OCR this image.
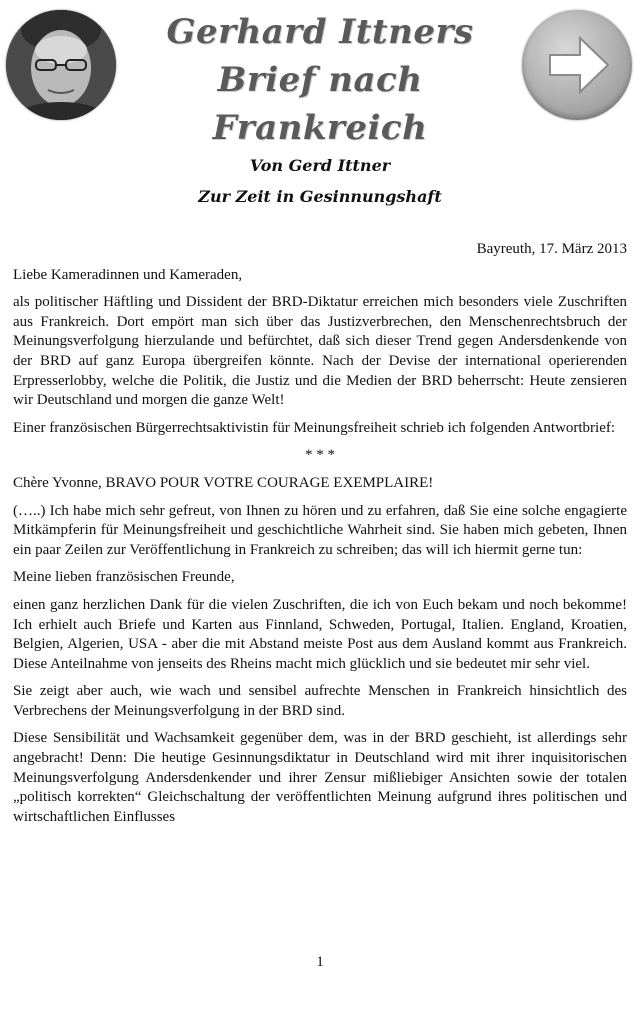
Gerhard Ittners
Brief nach Frankreich
Von Gerd Ittner
Zur Zeit in Gesinnungshaft

Bayreuth, 17. März 2013

Liebe Kameradinnen und Kameraden,

als politischer Häftling und Dissident der BRD-Diktatur erreichen mich besonders viele Zuschriften aus Frankreich. Dort empört man sich über das Justizverbrechen, den Menschenrechtsbruch der Meinungsverfolgung hierzulande und befürchtet, daß sich dieser Trend gegen Andersdenkende von der BRD auf ganz Europa übergreifen könnte. Nach der Devise der international operierenden Erpresserlobby, welche die Politik, die Justiz und die Medien der BRD beherrscht: Heute zensieren wir Deutschland und morgen die ganze Welt!

Einer französischen Bürgerrechtsaktivistin für Meinungsfreiheit schrieb ich folgenden Antwortbrief:

* * *

Chère Yvonne, BRAVO POUR VOTRE COURAGE EXEMPLAIRE!

(…..) Ich habe mich sehr gefreut, von Ihnen zu hören und zu erfahren, daß Sie eine solche engagierte Mitkämpferin für Meinungsfreiheit und geschichtliche Wahrheit sind. Sie haben mich gebeten, Ihnen ein paar Zeilen zur Veröffentlichung in Frankreich zu schreiben; das will ich hiermit gerne tun:

Meine lieben französischen Freunde,

einen ganz herzlichen Dank für die vielen Zuschriften, die ich von Euch bekam und noch bekomme! Ich erhielt auch Briefe und Karten aus Finnland, Schweden, Portugal, Italien. England, Kroatien, Belgien, Algerien, USA - aber die mit Abstand meiste Post aus dem Ausland kommt aus Frankreich. Diese Anteilnahme von jenseits des Rheins macht mich glücklich und sie bedeutet mir sehr viel.

Sie zeigt aber auch, wie wach und sensibel aufrechte Menschen in Frankreich hinsichtlich des Verbrechens der Meinungsverfolgung in der BRD sind.

Diese Sensibilität und Wachsamkeit gegenüber dem, was in der BRD geschieht, ist allerdings sehr angebracht! Denn: Die heutige Gesinnungsdiktatur in Deutschland wird mit ihrer inquisitorischen Meinungsverfolgung Andersdenkender und ihrer Zensur mißliebiger Ansichten sowie der totalen „politisch korrekten“ Gleichschaltung der veröffentlichten Meinung aufgrund ihres politischen und wirtschaftlichen Einflusses

1
